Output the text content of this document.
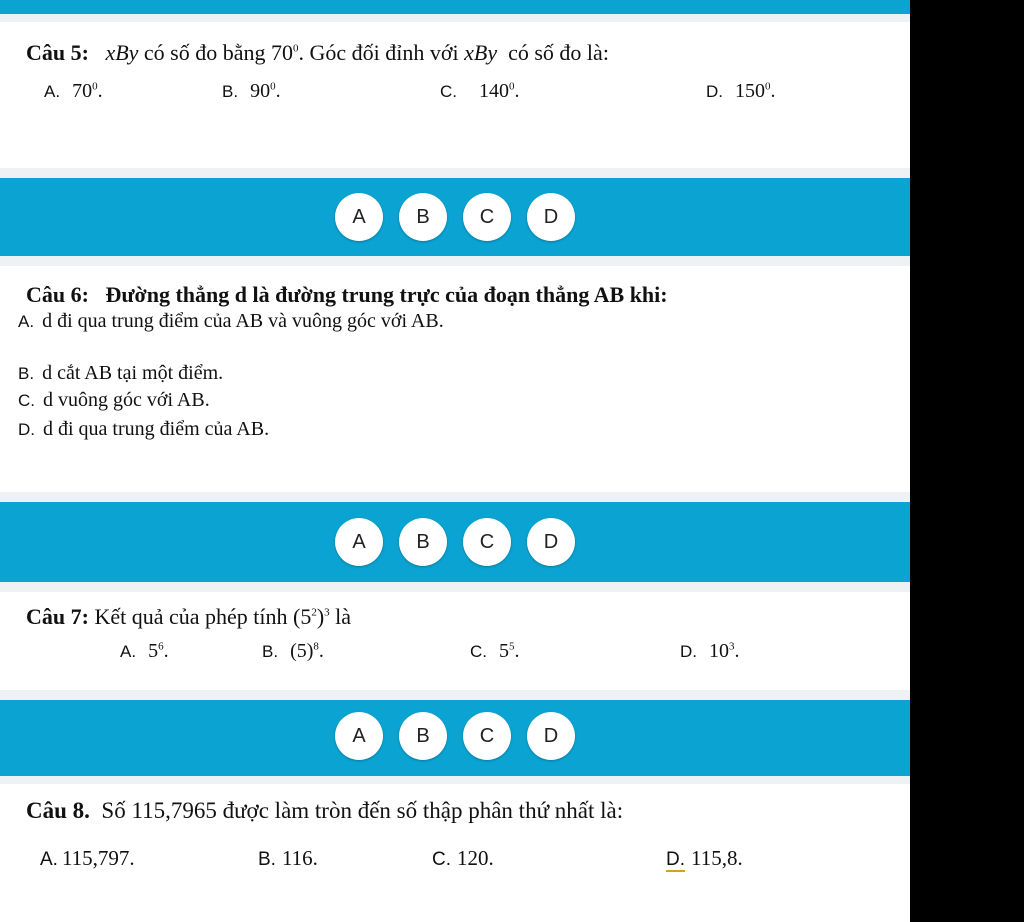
Câu 5: xBy có số đo bằng $70^0$. Góc đối đỉnh với xBy có số đo là:
A. $70^0$.	B. $90^0$.	C. $140^0$.	D. $150^0$.
A	B	C	D
Câu 6: Đường thẳng d là đường trung trực của đoạn thẳng AB khi:
A. d đi qua trung điểm của AB và vuông góc với AB.
B. d cắt AB tại một điểm.
C. d vuông góc với AB.
D. d đi qua trung điểm của AB.
A	B	C	D
Câu 7: Kết quả của phép tính $(5^2)^3$ là
A. $5^6$.	B. $(5)^8$.	C. $5^5$.	D. $10^3$.
A	B	C	D
Câu 8. Số 115,7965 được làm tròn đến số thập phân thứ nhất là:
A. 115,797.	B. 116.	C. 120.	D. 115,8.
